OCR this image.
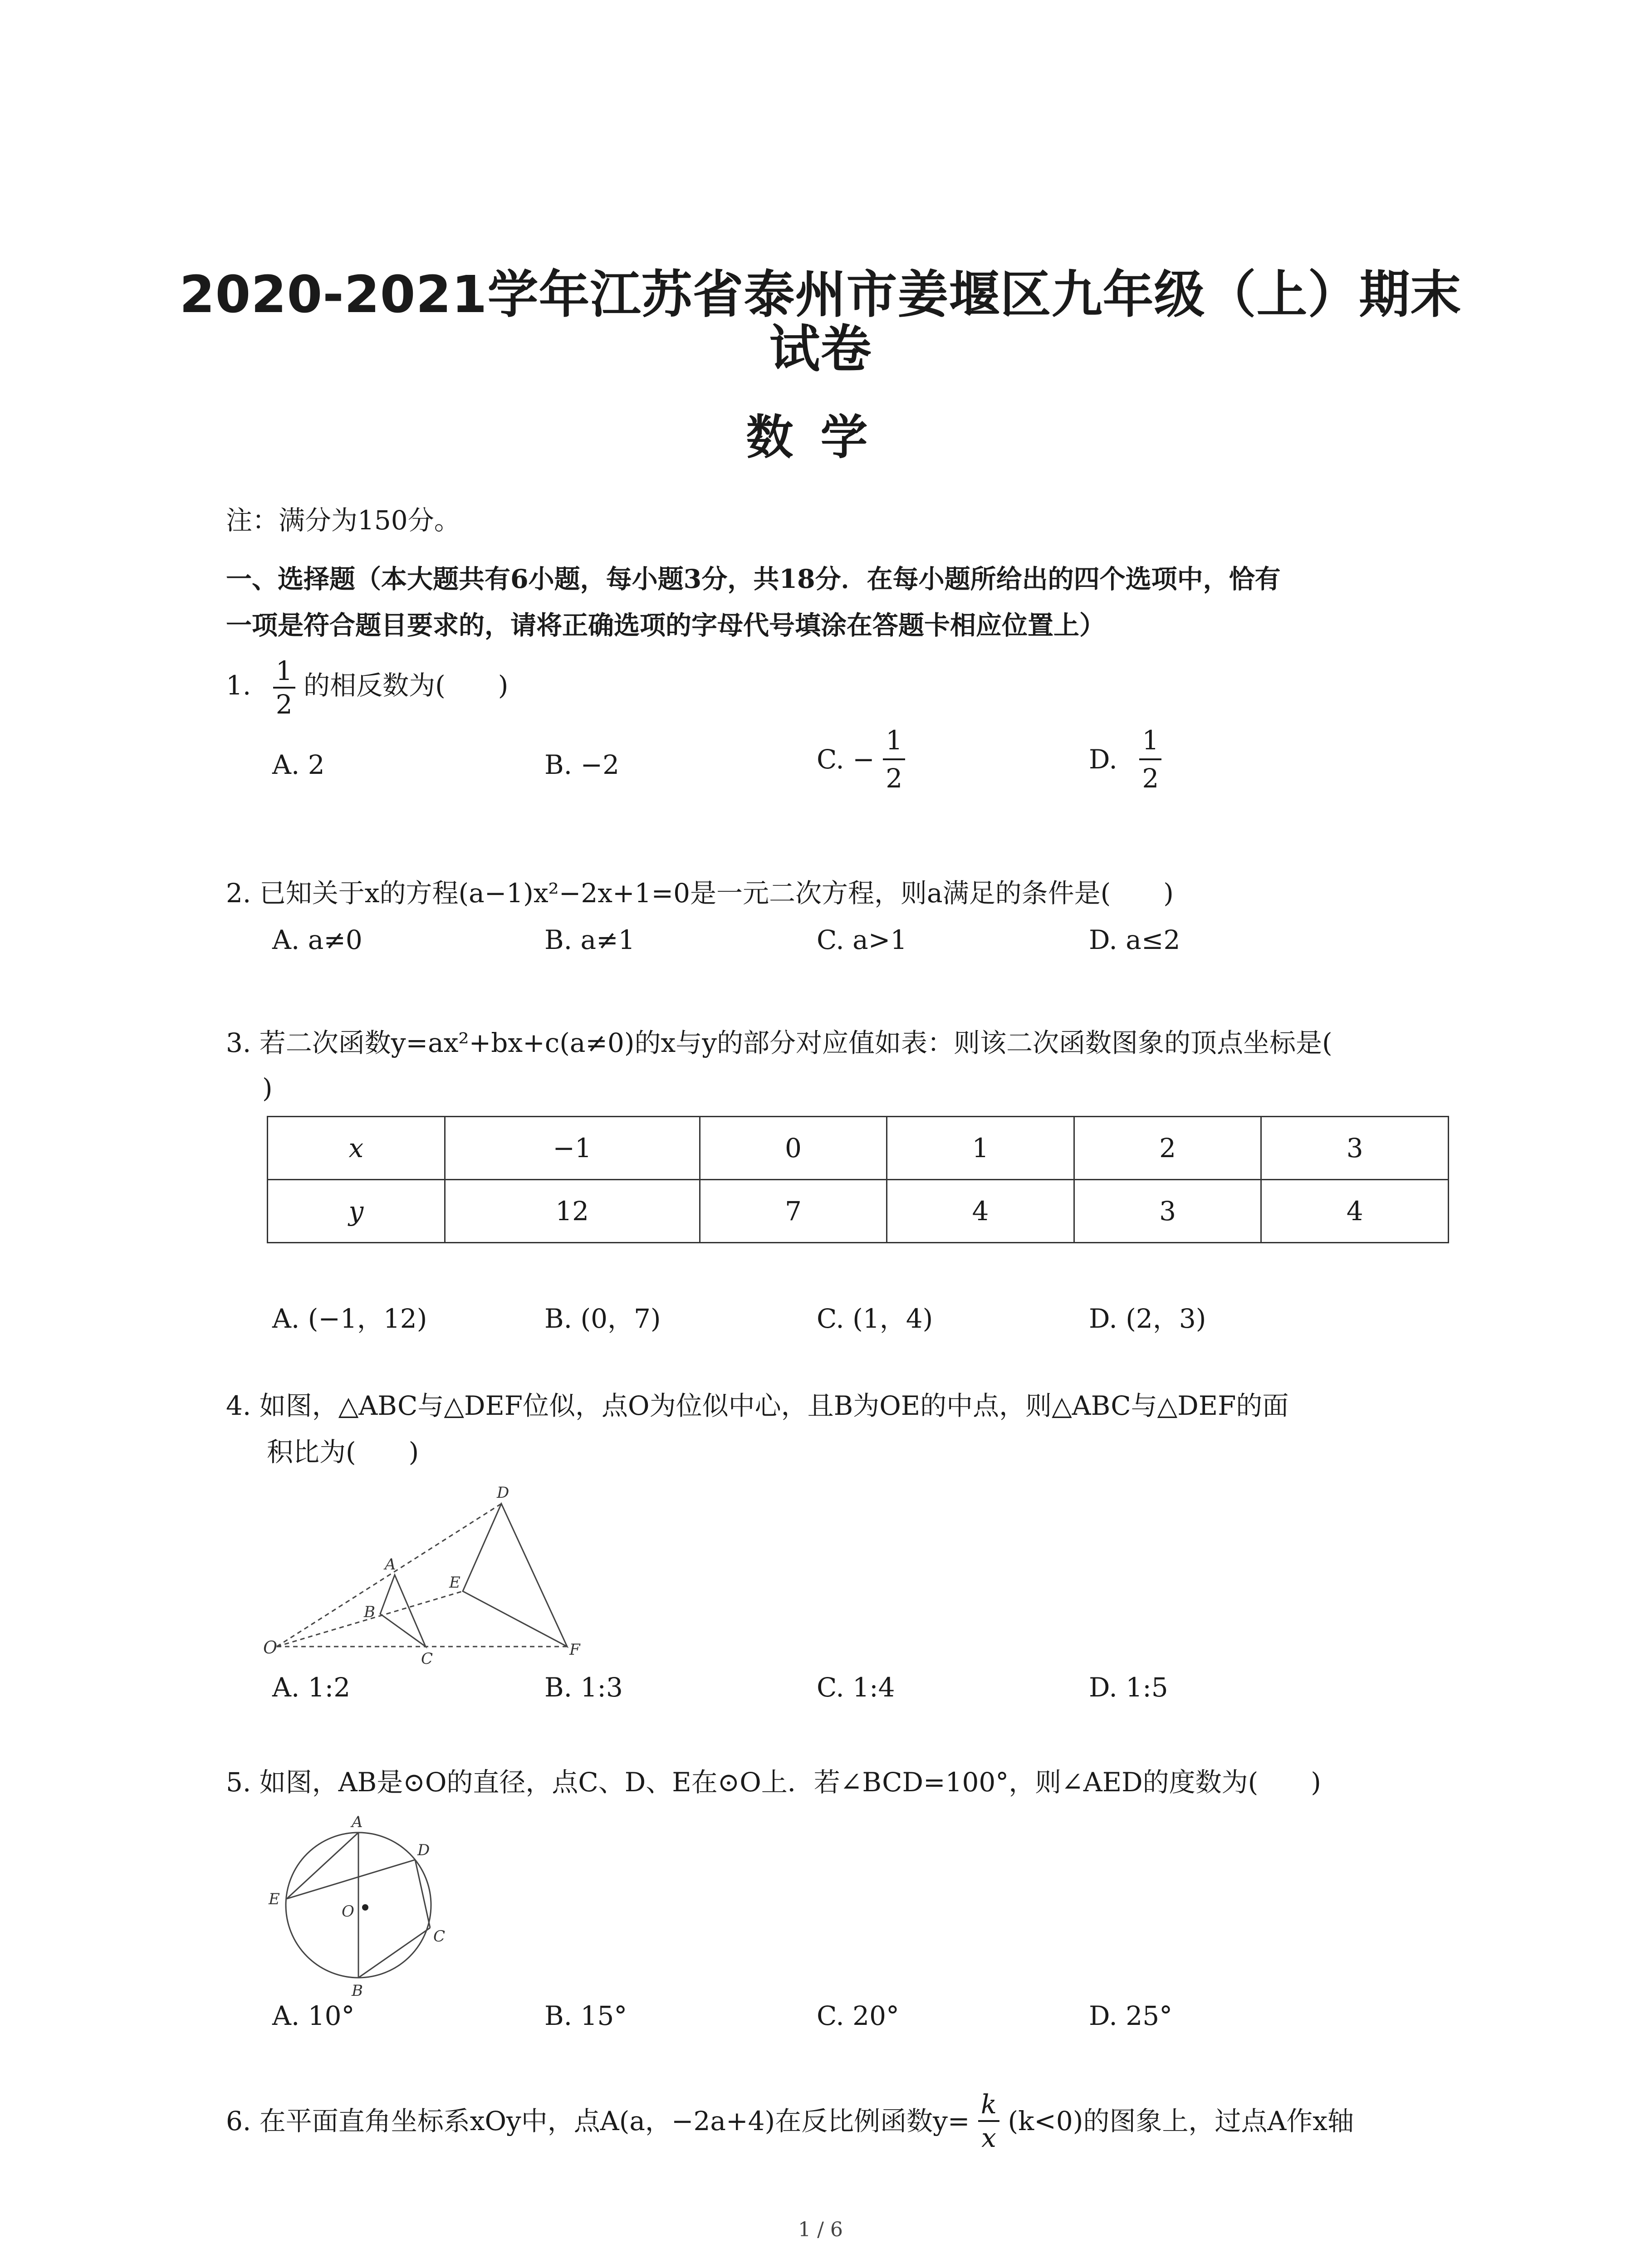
2020-2021学年江苏省泰州市姜堰区九年级（上）期末
试卷
数学
注：满分为150分。
一、选择题（本大题共有6小题，每小题3分，共18分．在每小题所给出的四个选项中，恰有
一项是符合题目要求的，请将正确选项的字母代号填涂在答题卡相应位置上）
1. $\frac{1}{2}$ 的相反数为(　　)
A. 2	B. −2	C. − $\frac{1}{2}$	D. $\frac{1}{2}$
2. 已知关于x的方程(a−1)x²−2x+1=0是一元二次方程，则a满足的条件是(　　)
A. a≠0	B. a≠1	C. a>1	D. a≤2
3. 若二次函数y=ax²+bx+c(a≠0)的x与y的部分对应值如表：则该二次函数图象的顶点坐标是(
)
x	−1	0	1	2	3
y	12	7	4	3	4
A. (−1，12)	B. (0，7)	C. (1，4)	D. (2，3)
4. 如图，△ABC与△DEF位似，点O为位似中心，且B为OE的中点，则△ABC与△DEF的面
积比为(　　)
O
A
B
C
D
E
F
A. 1:2	B. 1:3	C. 1:4	D. 1:5
5. 如图，AB是⊙O的直径，点C、D、E在⊙O上．若∠BCD=100°，则∠AED的度数为(　　)
A
B
C
D
E
O
A. 10°	B. 15°	C. 20°	D. 25°
6. 在平面直角坐标系xOy中，点A(a，−2a+4)在反比例函数$y= \frac{k}{x} (k<0)$的图象上，过点A作x轴
1 / 6
